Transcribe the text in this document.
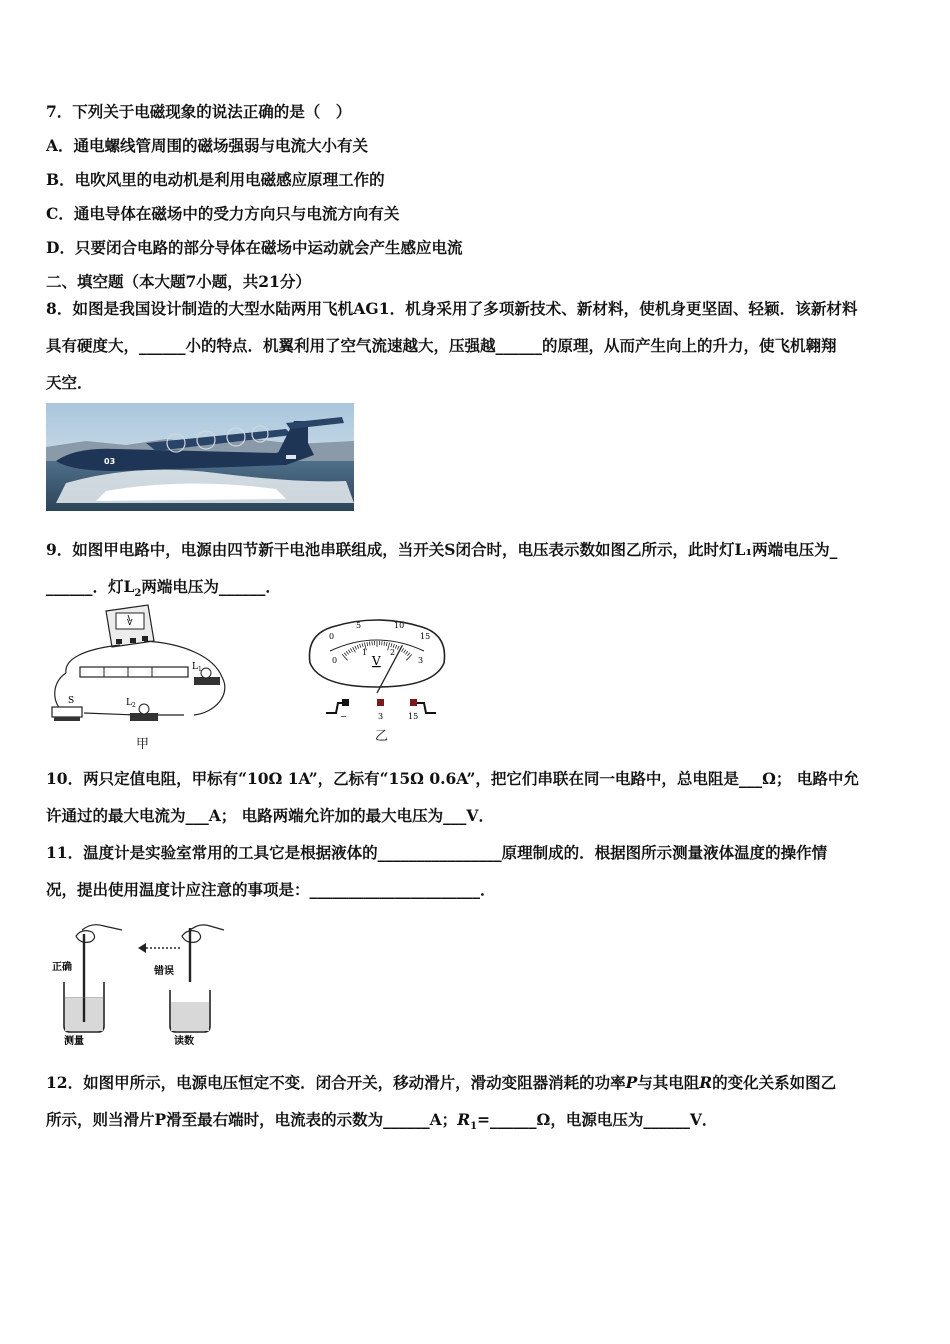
7．下列关于电磁现象的说法正确的是（　）
A．通电螺线管周围的磁场强弱与电流大小有关
B．电吹风里的电动机是利用电磁感应原理工作的
C．通电导体在磁场中的受力方向只与电流方向有关
D．只要闭合电路的部分导体在磁场中运动就会产生感应电流
二、填空题（本大题7小题，共21分）
8．如图是我国设计制造的大型水陆两用飞机AG1．机身采用了多项新技术、新材料，使机身更坚固、轻颖．该新材料
具有硬度大，______小的特点．机翼利用了空气流速越大，压强越______的原理，从而产生向上的升力，使飞机翱翔
天空．
03
9．如图甲电路中，电源由四节新干电池串联组成，当开关S闭合时，电压表示数如图乙所示，此时灯L₁两端电压为_
______．灯$L_2$两端电压为______．
V
$L_1$
S	$L_2$
甲
0
5	10
15
0
1	2
3
V
−	3	15
乙
10．两只定值电阻，甲标有“10Ω 1A”，乙标有“15Ω 0.6A”，把它们串联在同一电路中，总电阻是___Ω； 电路中允
许通过的最大电流为___A； 电路两端允许加的最大电压为___V．
11．温度计是实验室常用的工具它是根据液体的________________原理制成的．根据图所示测量液体温度的操作情
况，提出使用温度计应注意的事项是：______________________．
正确
测量
错误
读数
12．如图甲所示，电源电压恒定不变．闭合开关，移动滑片，滑动变阻器消耗的功率P与其电阻R的变化关系如图乙
所示，则当滑片P滑至最右端时，电流表的示数为______A；$R_1=\_\_\_\_\_\_\Omega$，电源电压为______V．
